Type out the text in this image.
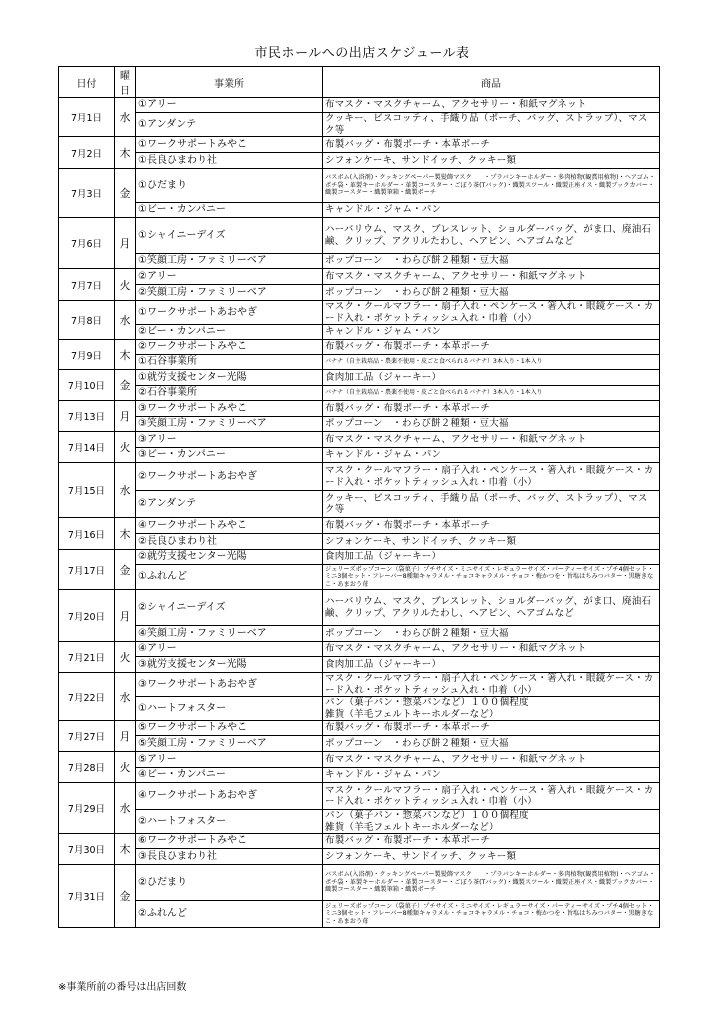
市民ホールへの出店スケジュール表
日付	曜日	事業所	商品
7月1日	水	①アリー	布マスク・マスクチャーム、アクセサリー・和紙マグネット
		①アンダンテ	クッキー、ビスコッティ、手織り品（ポーチ、バッグ、ストラップ）、マスク等
7月2日	木	①ワークサポートみやこ	布製バッグ・布製ポーチ・本革ポーチ
		①長良ひまわり社	シフォンケーキ、サンドイッチ、クッキー類
7月3日	金	①ひだまり	バスボム(入浴剤)・クッキングペーパー製髪飾マスク　　・プラバンキーホルダー・多肉植物(観賞用植物)・ヘアゴム・ポチ袋・革製キーホルダー・革製コースター・ごぼう茶(Tバック)・織製スツール・織製正座イス・織製ブックカバー・織製コースター・織製筆箱・織製ポーチ
		①ビー・カンパニー	キャンドル・ジャム・パン
7月6日	月	①シャイニーデイズ	ハーバリウム、マスク、ブレスレット、ショルダーバッグ、がま口、廃油石鹸、クリップ、アクリルたわし、ヘアピン、ヘアゴムなど
		①笑顔工房・ファミリーベア	ポップコーン　・わらび餅２種類・豆大福
7月7日	火	②アリー	布マスク・マスクチャーム、アクセサリー・和紙マグネット
		②笑顔工房・ファミリーベア	ポップコーン　・わらび餅２種類・豆大福
7月8日	水	①ワークサポートあおやぎ	マスク・クールマフラー・扇子入れ・ペンケース・箸入れ・眼鏡ケース・カード入れ・ポケットティッシュ入れ・巾着（小）
		②ビー・カンパニー	キャンドル・ジャム・パン
7月9日	木	②ワークサポートみやこ	布製バッグ・布製ポーチ・本革ポーチ
		①石谷事業所	バナナ（自主栽培品・農薬不使用・皮ごと食べられるバナナ）3本入り・1本入り
7月10日	金	①就労支援センター光陽	食肉加工品（ジャーキー）
		②石谷事業所	バナナ（自主栽培品・農薬不使用・皮ごと食べられるバナナ）3本入り・1本入り
7月13日	月	③ワークサポートみやこ	布製バッグ・布製ポーチ・本革ポーチ
		③笑顔工房・ファミリーベア	ポップコーン　・わらび餅２種類・豆大福
7月14日	火	③アリー	布マスク・マスクチャーム、アクセサリー・和紙マグネット
		③ビー・カンパニー	キャンドル・ジャム・パン
7月15日	水	②ワークサポートあおやぎ	マスク・クールマフラー・扇子入れ・ペンケース・箸入れ・眼鏡ケース・カード入れ・ポケットティッシュ入れ・巾着（小）
		②アンダンテ	クッキー、ビスコッティ、手織り品（ポーチ、バッグ、ストラップ）、マスク等
7月16日	木	④ワークサポートみやこ	布製バッグ・布製ポーチ・本革ポーチ
		②長良ひまわり社	シフォンケーキ、サンドイッチ、クッキー類
7月17日	金	②就労支援センター光陽	食肉加工品（ジャーキー）
		①ふれんど	ジェリーズポップコーン（袋菓子）プチサイズ・ミニサイズ・レギュラーサイズ・パーティーサイズ・プチ4個セット・ミニ3個セット・フレーバー8種類キャラメル・チョコキャラメル・チョコ・梅かつを・旨塩はちみつバター・黒糖きなこ・あまおう苺
7月20日	月	②シャイニーデイズ	ハーバリウム、マスク、ブレスレット、ショルダーバッグ、がま口、廃油石鹸、クリップ、アクリルたわし、ヘアピン、ヘアゴムなど
		④笑顔工房・ファミリーベア	ポップコーン　・わらび餅２種類・豆大福
7月21日	火	④アリー	布マスク・マスクチャーム、アクセサリー・和紙マグネット
		③就労支援センター光陽	食肉加工品（ジャーキー）
7月22日	水	③ワークサポートあおやぎ	マスク・クールマフラー・扇子入れ・ペンケース・箸入れ・眼鏡ケース・カード入れ・ポケットティッシュ入れ・巾着（小）
		①ハートフォスター	パン（菓子パン・惣菜パンなど）１００個程度
雑貨（羊毛フェルトキーホルダーなど）
7月27日	月	⑤ワークサポートみやこ	布製バッグ・布製ポーチ・本革ポーチ
		⑤笑顔工房・ファミリーベア	ポップコーン　・わらび餅２種類・豆大福
7月28日	火	⑤アリー	布マスク・マスクチャーム、アクセサリー・和紙マグネット
		④ビー・カンパニー	キャンドル・ジャム・パン
7月29日	水	④ワークサポートあおやぎ	マスク・クールマフラー・扇子入れ・ペンケース・箸入れ・眼鏡ケース・カード入れ・ポケットティッシュ入れ・巾着（小）
		②ハートフォスター	パン（菓子パン・惣菜パンなど）１００個程度
雑貨（羊毛フェルトキーホルダーなど）
7月30日	木	⑥ワークサポートみやこ	布製バッグ・布製ポーチ・本革ポーチ
		③長良ひまわり社	シフォンケーキ、サンドイッチ、クッキー類
7月31日	金	②ひだまり	バスボム(入浴剤)・クッキングペーパー製髪飾マスク　　・プラバンキーホルダー・多肉植物(観賞用植物)・ヘアゴム・ポチ袋・革製キーホルダー・革製コースター・ごぼう茶(Tバック)・織製スツール・織製正座イス・織製ブックカバー・織製コースター・織製筆箱・織製ポーチ
		②ふれんど	ジェリーズポップコーン（袋菓子）プチサイズ・ミニサイズ・レギュラーサイズ・パーティーサイズ・プチ4個セット・ミニ3個セット・フレーバー8種類キャラメル・チョコキャラメル・チョコ・梅かつを・旨塩はちみつバター・黒糖きなこ・あまおう苺
※事業所前の番号は出店回数
